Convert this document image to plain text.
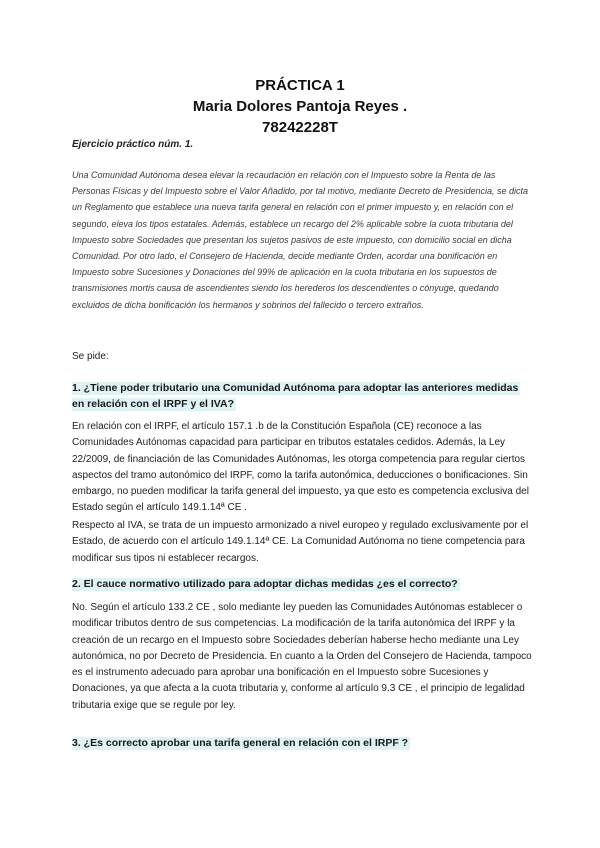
PRÁCTICA 1
Maria Dolores Pantoja Reyes .
78242228T
Ejercicio práctico núm. 1.
Una Comunidad Autónoma desea elevar la recaudación en relación con el Impuesto sobre la Renta de las Personas Físicas y del Impuesto sobre el Valor Añadido, por tal motivo, mediante Decreto de Presidencia, se dicta un Reglamento que establece una nueva tarifa general en relación con el primer impuesto y, en relación con el segundo, eleva los tipos estatales. Además, establece un recargo del 2% aplicable sobre la cuota tributaria del Impuesto sobre Sociedades que presentan los sujetos pasivos de este impuesto, con domicilio social en dicha Comunidad. Por otro lado, el Consejero de Hacienda, decide mediante Orden, acordar una bonificación en Impuesto sobre Sucesiones y Donaciones del 99% de aplicación en la cuota tributaria en los supuestos de transmisiones mortis causa de ascendientes siendo los herederos los descendientes o cónyuge, quedando excluidos de dicha bonificación los hermanos y sobrinos del fallecido o tercero extraños.
Se pide:
1. ¿Tiene poder tributario una Comunidad Autónoma para adoptar las anteriores medidas en relación con el IRPF y el IVA?
En relación con el IRPF, el artículo 157.1 .b de la Constitución Española (CE) reconoce a las Comunidades Autónomas capacidad para participar en tributos estatales cedidos. Además, la Ley 22/2009, de financiación de las Comunidades Autónomas, les otorga competencia para regular ciertos aspectos del tramo autonómico del IRPF, como la tarifa autonómica, deducciones o bonificaciones. Sin embargo, no pueden modificar la tarifa general del impuesto, ya que esto es competencia exclusiva del Estado según el artículo 149.1.14ª CE .
Respecto al IVA, se trata de un impuesto armonizado a nivel europeo y regulado exclusivamente por el Estado, de acuerdo con el artículo 149.1.14ª CE. La Comunidad Autónoma no tiene competencia para modificar sus tipos ni establecer recargos.
2. El cauce normativo utilizado para adoptar dichas medidas ¿es el correcto?
No. Según el artículo 133.2 CE , solo mediante ley pueden las Comunidades Autónomas establecer o modificar tributos dentro de sus competencias. La modificación de la tarifa autonómica del IRPF y la creación de un recargo en el Impuesto sobre Sociedades deberían haberse hecho mediante una Ley autonómica, no por Decreto de Presidencia. En cuanto a la Orden del Consejero de Hacienda, tampoco es el instrumento adecuado para aprobar una bonificación en el Impuesto sobre Sucesiones y Donaciones, ya que afecta a la cuota tributaria y, conforme al artículo 9.3 CE , el principio de legalidad tributaria exige que se regule por ley.
3. ¿Es correcto aprobar una tarifa general en relación con el IRPF ?
